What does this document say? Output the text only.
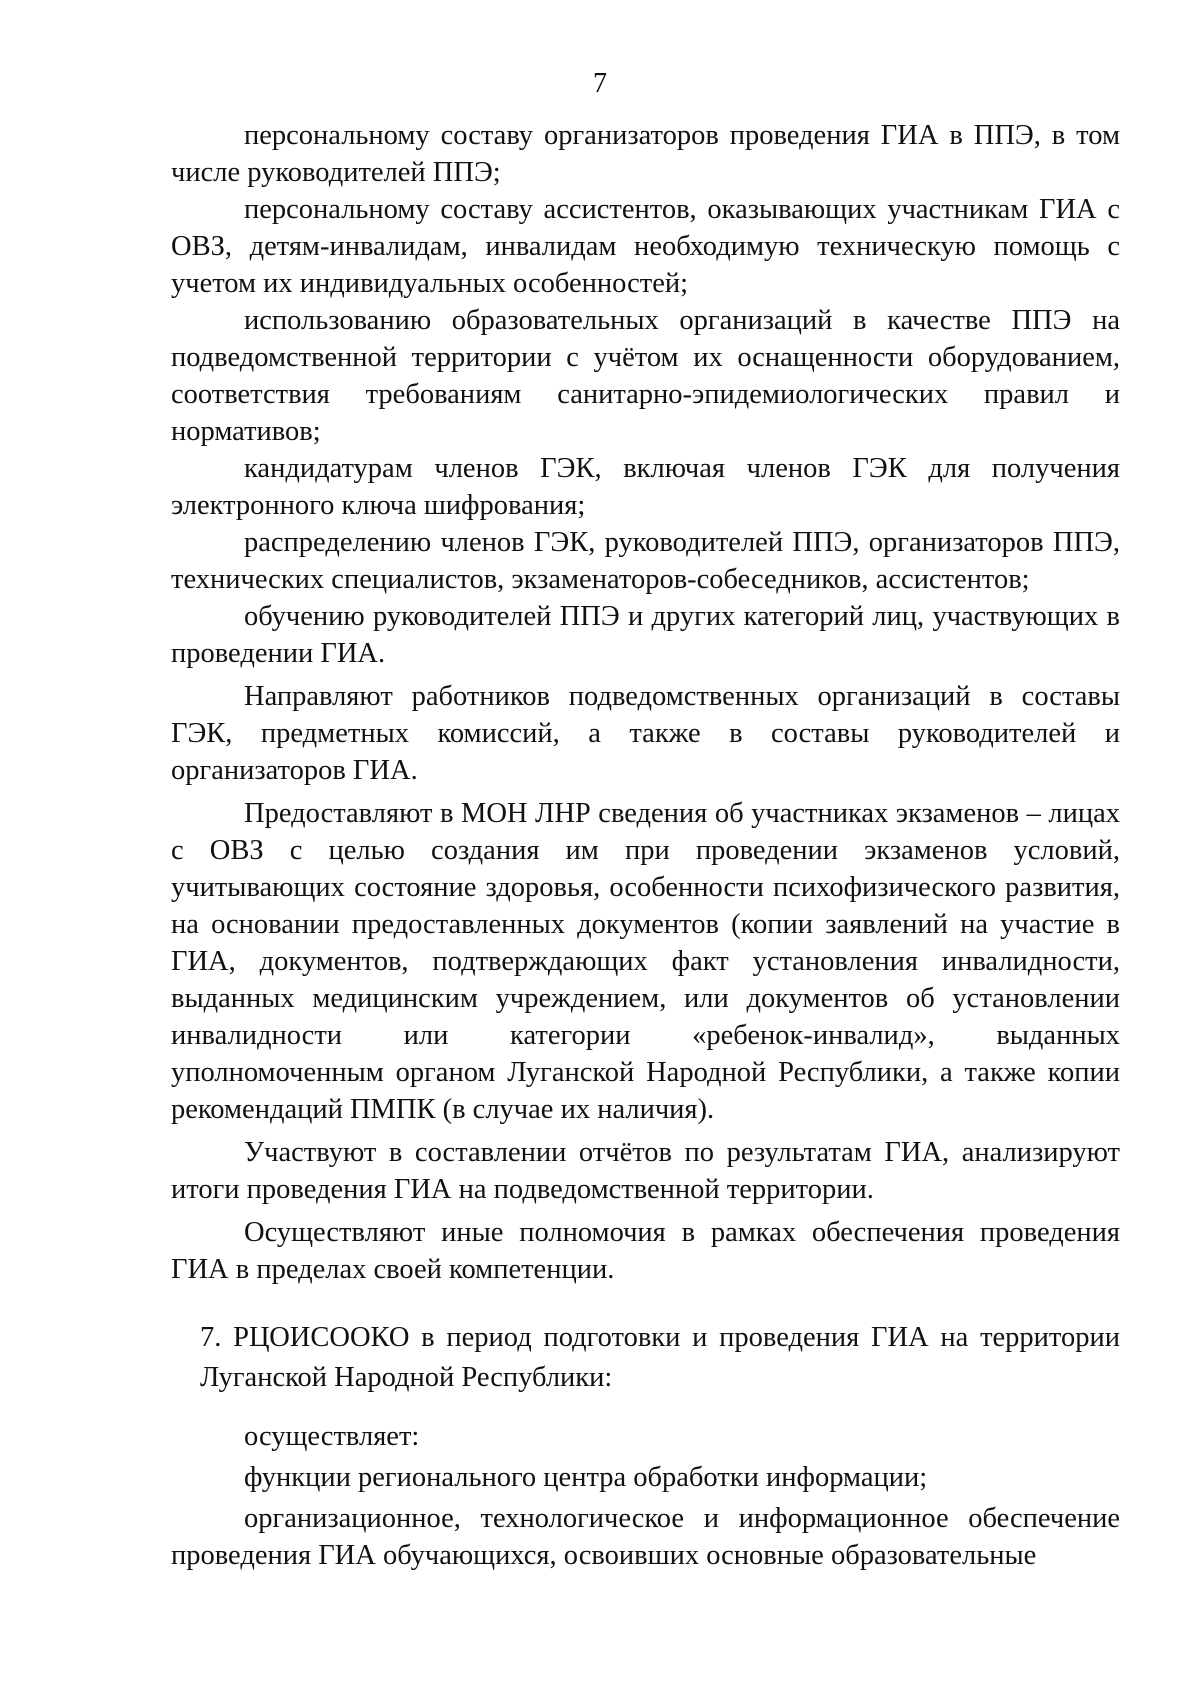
7

персональному составу организаторов проведения ГИА в ППЭ, в том числе руководителей ППЭ;

персональному составу ассистентов, оказывающих участникам ГИА с ОВЗ, детям-инвалидам, инвалидам необходимую техническую помощь с учетом их индивидуальных особенностей;

использованию образовательных организаций в качестве ППЭ на подведомственной территории с учётом их оснащенности оборудованием, соответствия требованиям санитарно-эпидемиологических правил и нормативов;

кандидатурам членов ГЭК, включая членов ГЭК для получения электронного ключа шифрования;

распределению членов ГЭК, руководителей ППЭ, организаторов ППЭ, технических специалистов, экзаменаторов-собеседников, ассистентов;

обучению руководителей ППЭ и других категорий лиц, участвующих в проведении ГИА.

Направляют работников подведомственных организаций в составы ГЭК, предметных комиссий, а также в составы руководителей и организаторов ГИА.

Предоставляют в МОН ЛНР сведения об участниках экзаменов – лицах с ОВЗ с целью создания им при проведении экзаменов условий, учитывающих состояние здоровья, особенности психофизического развития, на основании предоставленных документов (копии заявлений на участие в ГИА, документов, подтверждающих факт установления инвалидности, выданных медицинским учреждением, или документов об установлении инвалидности или категории «ребенок-инвалид», выданных уполномоченным органом Луганской Народной Республики, а также копии рекомендаций ПМПК (в случае их наличия).

Участвуют в составлении отчётов по результатам ГИА, анализируют итоги проведения ГИА на подведомственной территории.

Осуществляют иные полномочия в рамках обеспечения проведения ГИА в пределах своей компетенции.

7. РЦОИСООКО в период подготовки и проведения ГИА на территории Луганской Народной Республики:

осуществляет:

функции регионального центра обработки информации;

организационное, технологическое и информационное обеспечение проведения ГИА обучающихся, освоивших основные образовательные
